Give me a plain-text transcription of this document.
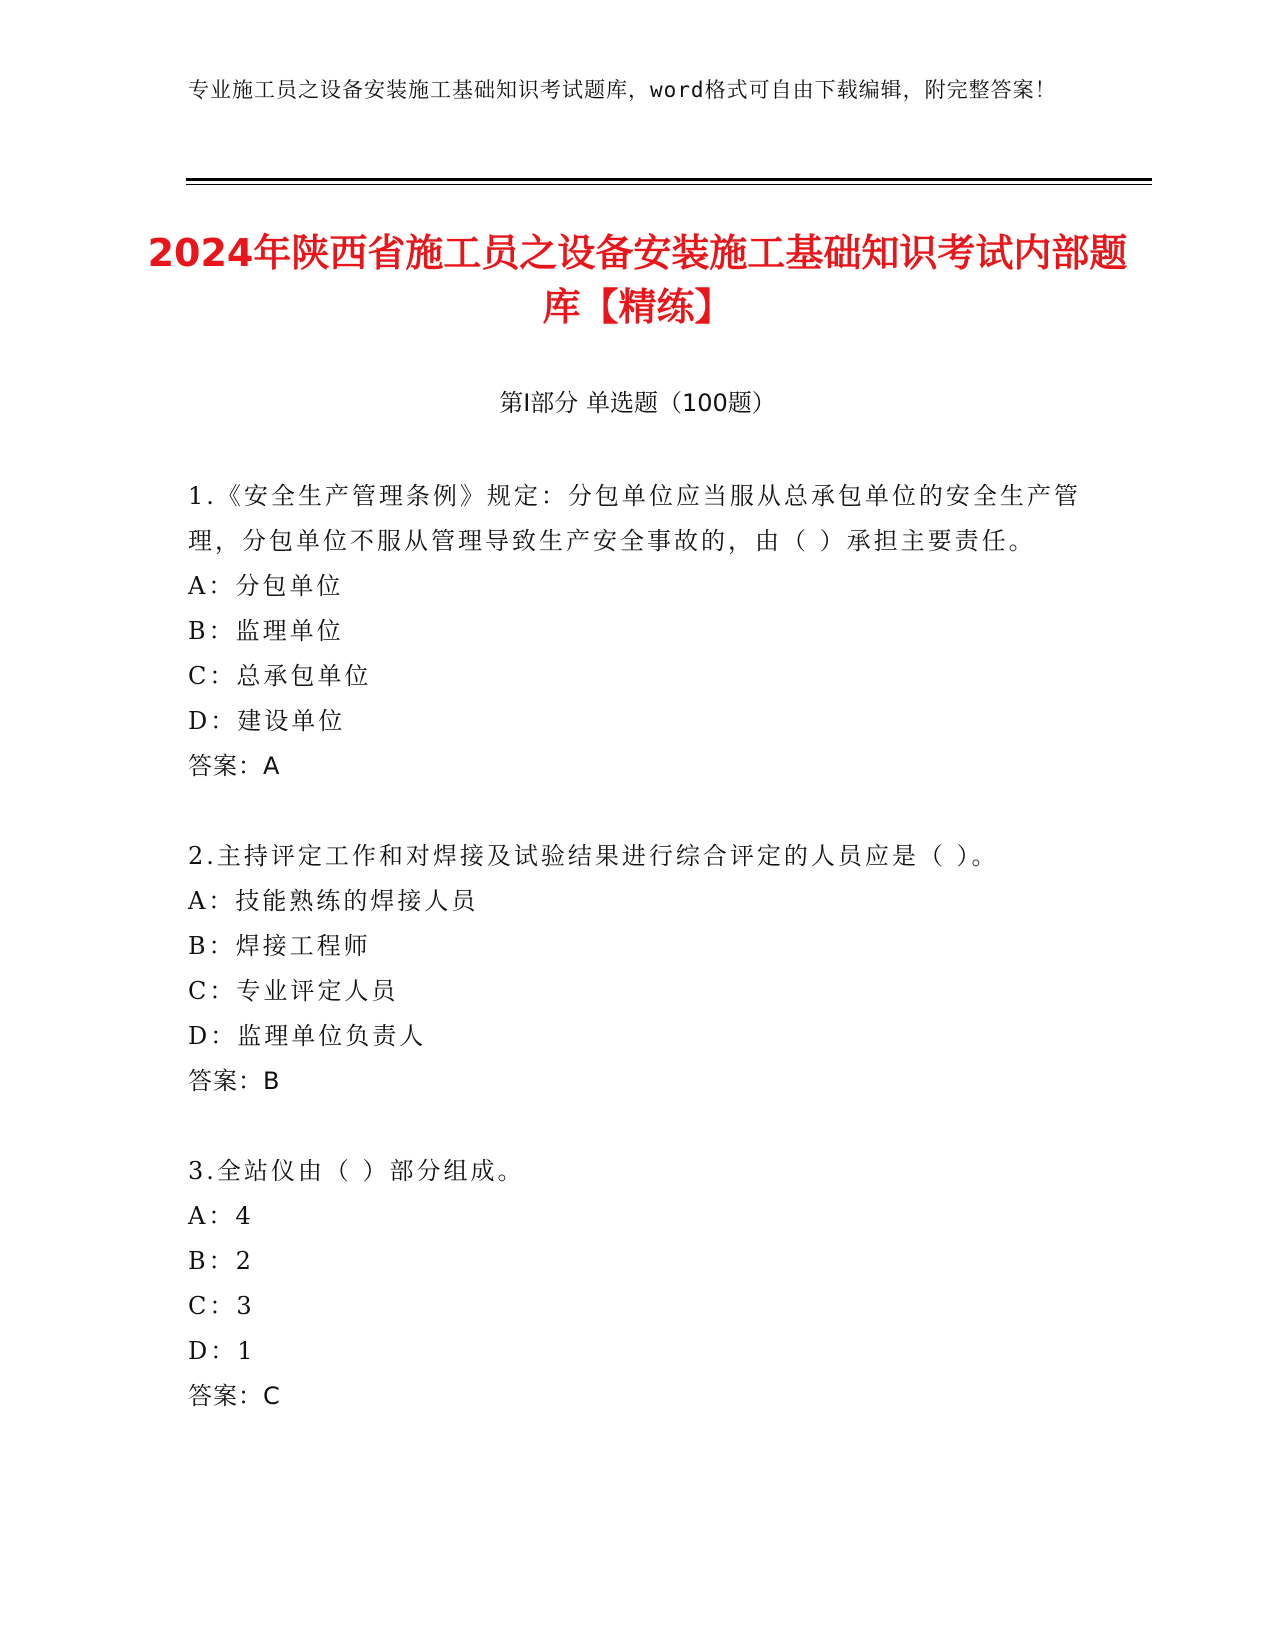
专业施工员之设备安装施工基础知识考试题库，word格式可自由下载编辑，附完整答案！
2024年陕西省施工员之设备安装施工基础知识考试内部题库【精练】
第I部分 单选题（100题）
1.《安全生产管理条例》规定：分包单位应当服从总承包单位的安全生产管理，分包单位不服从管理导致生产安全事故的，由（ ）承担主要责任。
A：分包单位
B：监理单位
C：总承包单位
D：建设单位
答案：A
2.主持评定工作和对焊接及试验结果进行综合评定的人员应是（ ）。
A：技能熟练的焊接人员
B：焊接工程师
C：专业评定人员
D：监理单位负责人
答案：B
3.全站仪由（ ）部分组成。
A：4
B：2
C：3
D：1
答案：C
